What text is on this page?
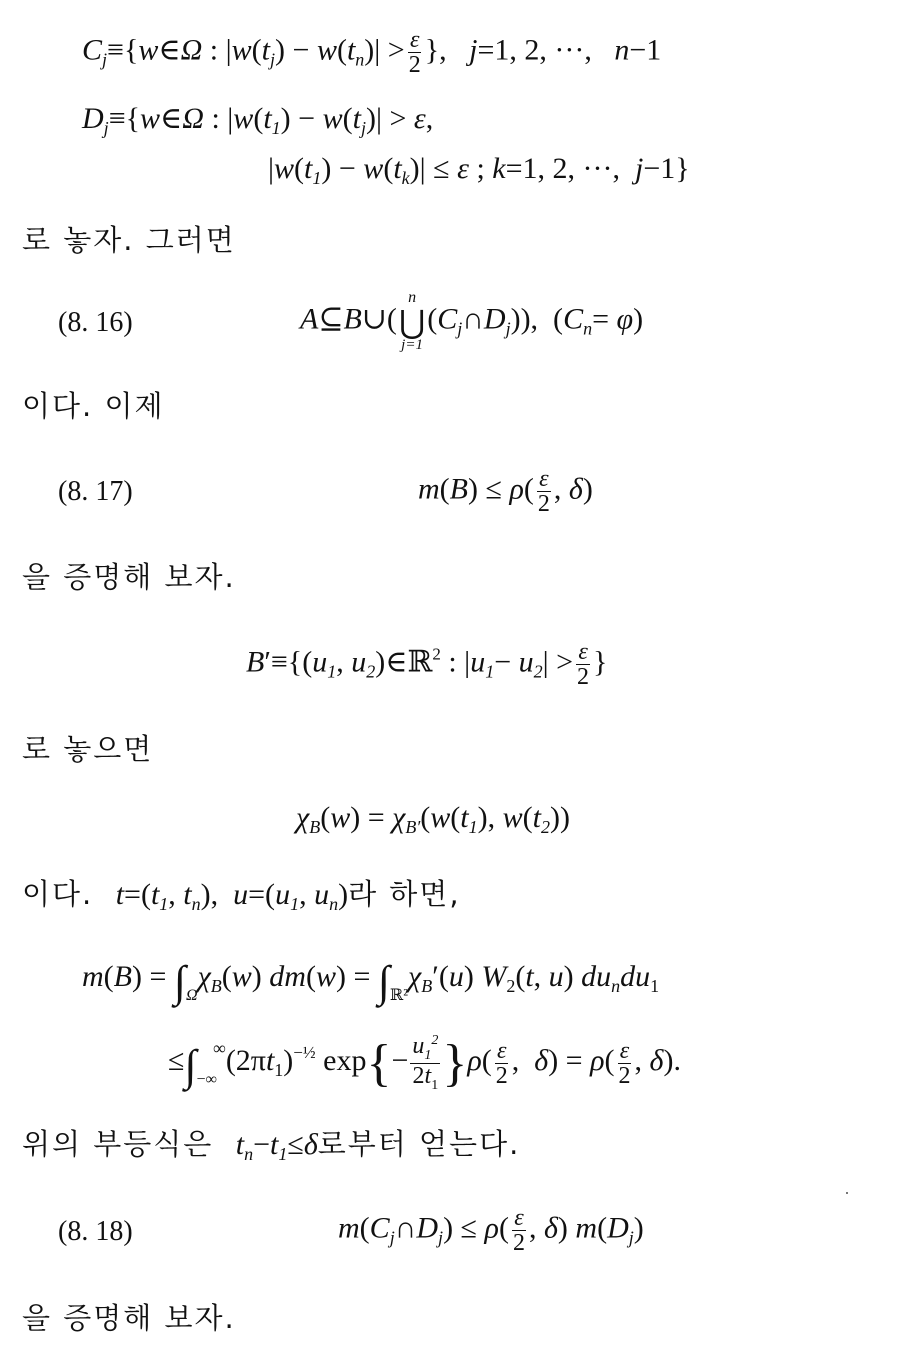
$C_j\equiv\{w\in\Omega$ : $|w(t_j) - w(t_n)| > \frac{\varepsilon}{2}$ },   j=1, 2, ···,   n−1
$D_j\equiv\{w\in\Omega$ : $|w(t_1) - w(t_j)| > \varepsilon$,
$|w(t_1) - w(t_k)| \le \varepsilon$ ; k=1, 2, ···,  j−1}
로 놓자. 그러면
(8. 16)	A⊆B∪(
n
⋃
j=1
$(C_j\cap D_j)$),  $(C_n= \varphi)$
이다. 이제
(8. 17)	$m(B) \le \rho( \frac{\varepsilon}{2}$ , δ)
을 증명해 보자.
$B'\equiv\{(u_1$, $u_2)\in ℝ^2$ : $|u_1- u_2| > \frac{\varepsilon}{2}$ }
로 놓으면
$\chi_B(w) = \chi_{B'}(w(t_1)$, $w(t_2)$)
이다.  $t=(t_1$, $t_n$),  $u=(u_1$, $u_n$)라 하면,
$m(B) = \int_\Omega\chi_B(w) dm(w) = \int_{ℝ^2}\chi_B'(u)$ $W_2(t$, u) $du_ndu_1$
$\le\int_{-\infty}^\infty(2\pi t_1)^{-\frac{1}{2}}$ $\exp\{- \frac{u_1^2}{2t_1} \}\rho( \frac{\varepsilon}{2}$ ,  $\delta) = \rho( \frac{\varepsilon}{2}$ , δ).
위의 부등식은  $t_n-t_1\le\delta$로부터 얻는다.
(8. 18)	$m(C_j\cap D_j) \le \rho( \frac{\varepsilon}{2}$ , δ) $m(D_j)$
을 증명해 보자.
